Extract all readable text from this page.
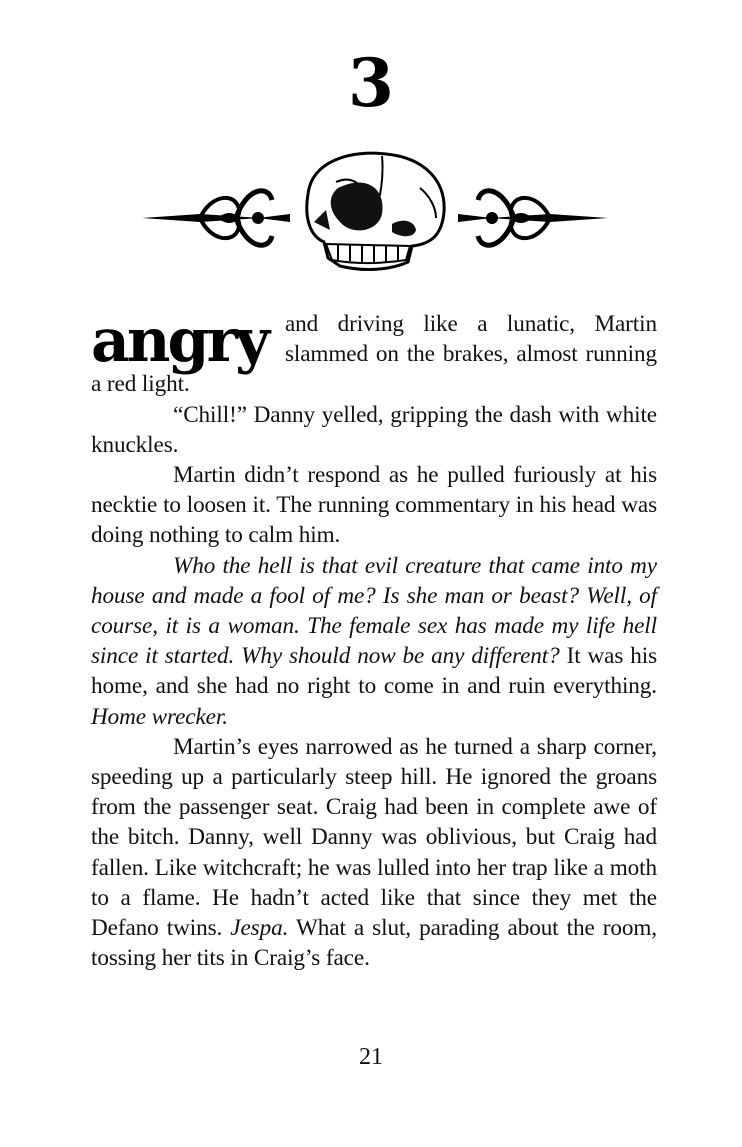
3

angry and driving like a lunatic, Martin slammed on the brakes, almost running a red light.

“Chill!” Danny yelled, gripping the dash with white knuckles.

Martin didn’t respond as he pulled furiously at his necktie to loosen it. The running commentary in his head was doing nothing to calm him.

Who the hell is that evil creature that came into my house and made a fool of me? Is she man or beast? Well, of course, it is a woman. The female sex has made my life hell since it started. Why should now be any different? It was his home, and she had no right to come in and ruin everything. Home wrecker.

Martin’s eyes narrowed as he turned a sharp corner, speeding up a particularly steep hill. He ignored the groans from the passenger seat. Craig had been in complete awe of the bitch. Danny, well Danny was oblivious, but Craig had fallen. Like witchcraft; he was lulled into her trap like a moth to a flame. He hadn’t acted like that since they met the Defano twins. Jespa. What a slut, parading about the room, tossing her tits in Craig’s face.

21
